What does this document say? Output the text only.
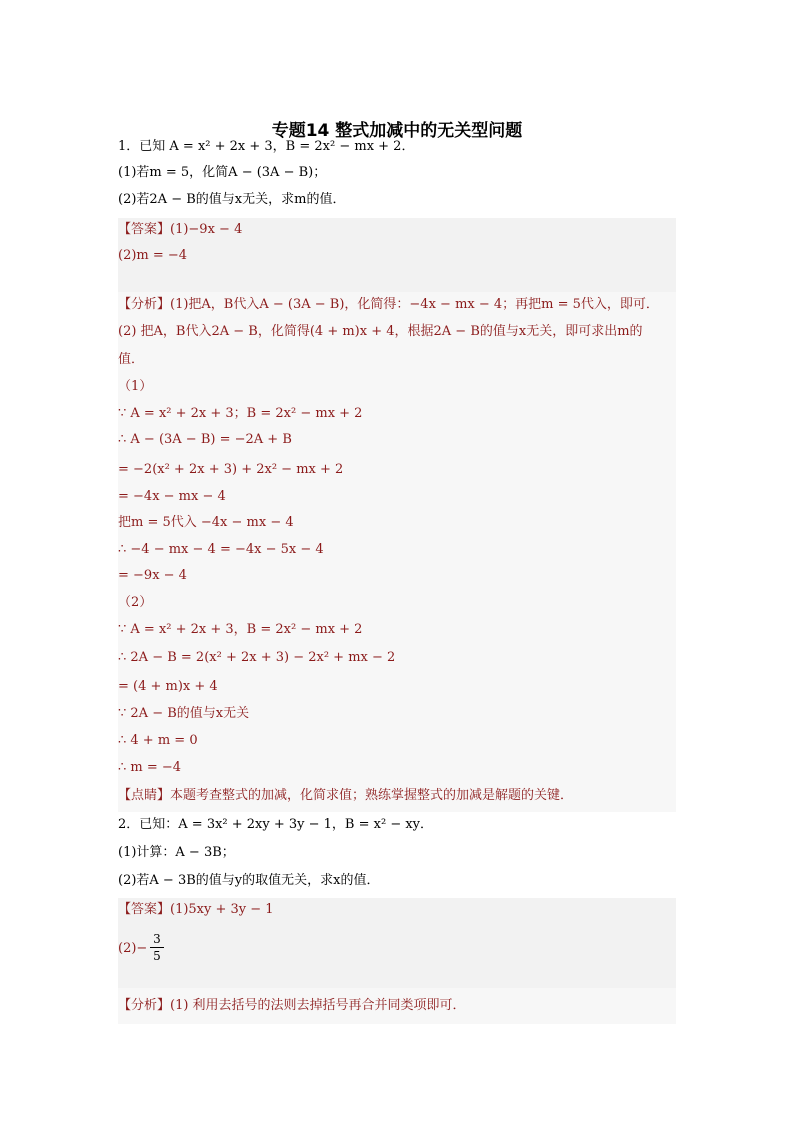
专题14 整式加减中的无关型问题
1．已知 A = x² + 2x + 3，B = 2x² − mx + 2．
(1)若m = 5，化简A − (3A − B)；
(2)若2A − B的值与x无关，求m的值．
【答案】(1)−9x − 4
(2)m = −4
【分析】(1)把A，B代入A − (3A − B)，化简得：−4x − mx − 4；再把m = 5代入，即可．
(2) 把A，B代入2A − B，化简得(4 + m)x + 4，根据2A − B的值与x无关，即可求出m的
值．
（1）
∵ A = x² + 2x + 3；B = 2x² − mx + 2
∴ A − (3A − B) = −2A + B
= −2(x² + 2x + 3) + 2x² − mx + 2
= −4x − mx − 4
把m = 5代入 −4x − mx − 4
∴ −4 − mx − 4 = −4x − 5x − 4
= −9x − 4
（2）
∵ A = x² + 2x + 3，B = 2x² − mx + 2
∴ 2A − B = 2(x² + 2x + 3) − 2x² + mx − 2
= (4 + m)x + 4
∵ 2A − B的值与x无关
∴ 4 + m = 0
∴ m = −4
【点睛】本题考查整式的加减，化简求值；熟练掌握整式的加减是解题的关键．
2．已知：A = 3x² + 2xy + 3y − 1，B = x² − xy．
(1)计算：A − 3B；
(2)若A − 3B的值与y的取值无关，求x的值．
【答案】(1)5xy + 3y − 1
(2)−
3
5
【分析】(1) 利用去括号的法则去掉括号再合并同类项即可．
